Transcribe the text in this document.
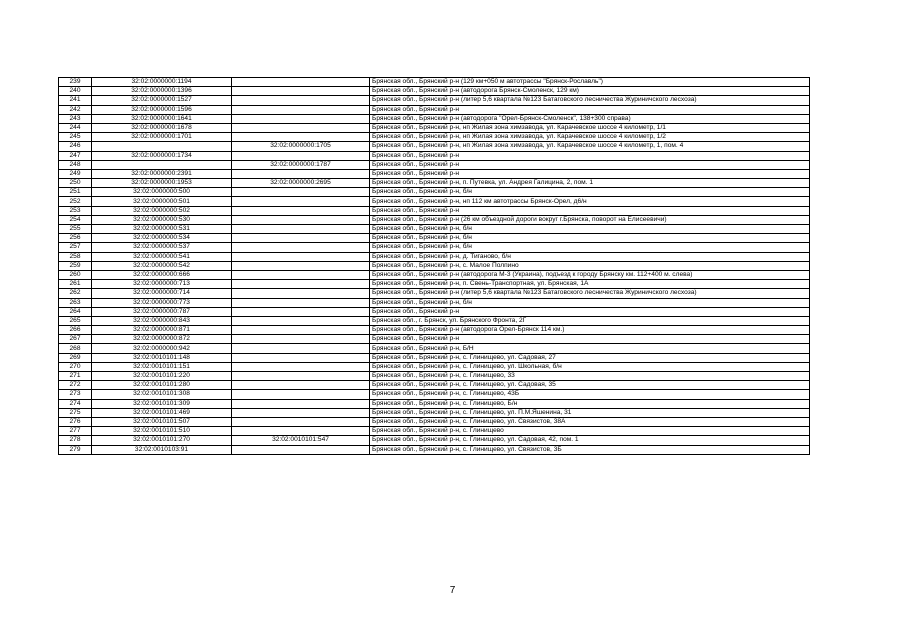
239	32:02:0000000:1194		Брянская обл., Брянский р-н (129 км+050 м автотрассы "Брянск-Рославль")
240	32:02:0000000:1396		Брянская обл., Брянский р-н (автодорога Брянск-Смоленск, 129 км)
241	32:02:0000000:1527		Брянская обл., Брянский р-н (литер 5,6 квартала №123 Батаговского лесничества Журиничского лесхоза)
242	32:02:0000000:1596		Брянская обл., Брянский р-н
243	32:02:0000000:1641		Брянская обл., Брянский р-н (автодорога "Орел-Брянск-Смоленск", 138+300 справа)
244	32:02:0000000:1678		Брянская обл., Брянский р-н, нп Жилая зона химзавода, ул. Карачевское шоссе 4 километр, 1/1
245	32:02:0000000:1701		Брянская обл., Брянский р-н, нп Жилая зона химзавода, ул. Карачевское шоссе 4 километр, 1/2
246		32:02:0000000:1705	Брянская обл., Брянский р-н, нп Жилая зона химзавода, ул. Карачевское шоссе 4 километр, 1, пом. 4
247	32:02:0000000:1734		Брянская обл., Брянский р-н
248		32:02:0000000:1787	Брянская обл., Брянский р-н
249	32:02:0000000:2391		Брянская обл., Брянский р-н
250	32:02:0000000:1953	32:02:0000000:2695	Брянская обл., Брянский р-н, п. Путевка, ул. Андрея Галицина, 2, пом. 1
251	32:02:0000000:500		Брянская обл., Брянский р-н, б/н
252	32:02:0000000:501		Брянская обл., Брянский р-н, нп 112 км автотрассы Брянск-Орел, д6/н
253	32:02:0000000:502		Брянская обл., Брянский р-н
254	32:02:0000000:530		Брянская обл., Брянский р-н (26 км объездной дороги вокруг г.Брянска, поворот на Елисеевичи)
255	32:02:0000000:531		Брянская обл., Брянский р-н, б/н
256	32:02:0000000:534		Брянская обл., Брянский р-н, б/н
257	32:02:0000000:537		Брянская обл., Брянский р-н, б/н
258	32:02:0000000:541		Брянская обл., Брянский р-н, д. Тиганово, б/н
259	32:02:0000000:542		Брянская обл., Брянский р-н, с. Малое Полпино
260	32:02:0000000:666		Брянская обл., Брянский р-н (автодорога М-3 (Украина), подъезд к городу Брянску км. 112+400 м. слева)
261	32:02:0000000:713		Брянская обл., Брянский р-н, п. Свень-Транспортная, ул. Брянская, 1А
262	32:02:0000000:714		Брянская обл., Брянский р-н (литер 5,6 квартала №123 Батаговского лесничества Журиничского лесхоза)
263	32:02:0000000:773		Брянская обл., Брянский р-н, б/н
264	32:02:0000000:787		Брянская обл., Брянский р-н
265	32:02:0000000:843		Брянская обл., г. Брянск, ул. Брянского Фронта, 2Г
266	32:02:0000000:871		Брянская обл., Брянский р-н (автодорога Орел-Брянск 114 км.)
267	32:02:0000000:872		Брянская обл., Брянский р-н
268	32:02:0000000:942		Брянская обл., Брянский р-н, Б/Н
269	32:02:0010101:148		Брянская обл., Брянский р-н, с. Глинищево, ул. Садовая, 27
270	32:02:0010101:151		Брянская обл., Брянский р-н, с. Глинищево, ул. Школьная, б/н
271	32:02:0010101:220		Брянская обл., Брянский р-н, с. Глинищево, 33
272	32:02:0010101:280		Брянская обл., Брянский р-н, с. Глинищево, ул. Садовая, 35
273	32:02:0010101:308		Брянская обл., Брянский р-н, с. Глинищево, 43Б
274	32:02:0010101:309		Брянская обл., Брянский р-н, с. Глинищево, Б/н
275	32:02:0010101:469		Брянская обл., Брянский р-н, с. Глинищево, ул. П.М.Яшенина, 31
276	32:02:0010101:507		Брянская обл., Брянский р-н, с. Глинищево, ул. Связистов, 38А
277	32:02:0010101:510		Брянская обл., Брянский р-н, с. Глинищево
278	32:02:0010101:270	32:02:0010101:547	Брянская обл., Брянский р-н, с. Глинищево, ул. Садовая, 42, пом. 1
279	32:02:0010103:91		Брянская обл., Брянский р-н, с. Глинищево, ул. Связистов, 3Б
7
